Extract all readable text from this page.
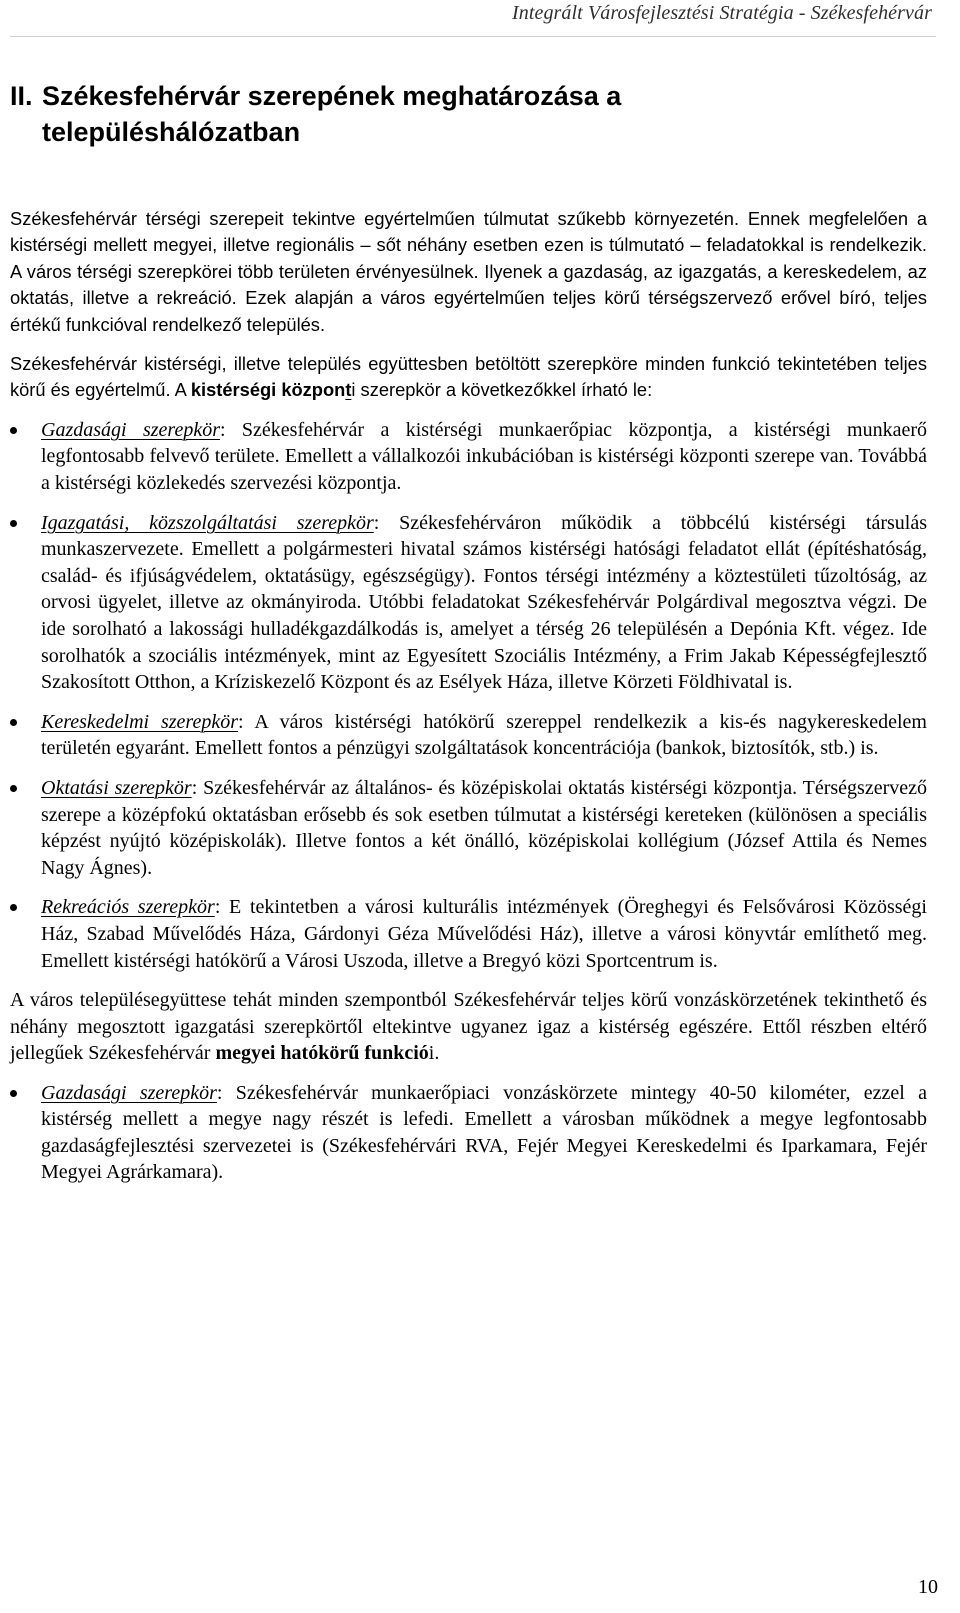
Integrált Városfejlesztési Stratégia - Székesfehérvár
II. Székesfehérvár szerepének meghatározása a
településhálózatban

Székesfehérvár térségi szerepeit tekintve egyértelműen túlmutat szűkebb környezetén. Ennek megfelelően a kistérségi mellett megyei, illetve regionális – sőt néhány esetben ezen is túlmutató – feladatokkal is rendelkezik. A város térségi szerepkörei több területen érvényesülnek. Ilyenek a gazdaság, az igazgatás, a kereskedelem, az oktatás, illetve a rekreáció. Ezek alapján a város egyértelműen teljes körű térségszervező erővel bíró, teljes értékű funkcióval rendelkező település.

Székesfehérvár kistérségi, illetve település együttesben betöltött szerepköre minden funkció tekintetében teljes körű és egyértelmű. A kistérségi központi szerepkör a következőkkel írható le:

Gazdasági szerepkör: Székesfehérvár a kistérségi munkaerőpiac központja, a kistérségi munkaerő legfontosabb felvevő területe. Emellett a vállalkozói inkubációban is kistérségi központi szerepe van. Továbbá a kistérségi közlekedés szervezési központja.
Igazgatási, közszolgáltatási szerepkör: Székesfehérváron működik a többcélú kistérségi társulás munkaszervezete. Emellett a polgármesteri hivatal számos kistérségi hatósági feladatot ellát (építéshatóság, család- és ifjúságvédelem, oktatásügy, egészségügy). Fontos térségi intézmény a köztestületi tűzoltóság, az orvosi ügyelet, illetve az okmányiroda. Utóbbi feladatokat Székesfehérvár Polgárdival megosztva végzi. De ide sorolható a lakossági hulladékgazdálkodás is, amelyet a térség 26 településén a Depónia Kft. végez. Ide sorolhatók a szociális intézmények, mint az Egyesített Szociális Intézmény, a Frim Jakab Képességfejlesztő Szakosított Otthon, a Kríziskezelő Központ és az Esélyek Háza, illetve Körzeti Földhivatal is.
Kereskedelmi szerepkör: A város kistérségi hatókörű szereppel rendelkezik a kis-és nagykereskedelem területén egyaránt. Emellett fontos a pénzügyi szolgáltatások koncentrációja (bankok, biztosítók, stb.) is.
Oktatási szerepkör: Székesfehérvár az általános- és középiskolai oktatás kistérségi központja. Térségszervező szerepe a középfokú oktatásban erősebb és sok esetben túlmutat a kistérségi kereteken (különösen a speciális képzést nyújtó középiskolák). Illetve fontos a két önálló, középiskolai kollégium (József Attila és Nemes Nagy Ágnes).
Rekreációs szerepkör: E tekintetben a városi kulturális intézmények (Öreghegyi és Felsővárosi Közösségi Ház, Szabad Művelődés Háza, Gárdonyi Géza Művelődési Ház), illetve a városi könyvtár említhető meg. Emellett kistérségi hatókörű a Városi Uszoda, illetve a Bregyó közi Sportcentrum is.

A város településegyüttese tehát minden szempontból Székesfehérvár teljes körű vonzáskörzetének tekinthető és néhány megosztott igazgatási szerepkörtől eltekintve ugyanez igaz a kistérség egészére. Ettől részben eltérő jellegűek Székesfehérvár megyei hatókörű funkciói.

Gazdasági szerepkör: Székesfehérvár munkaerőpiaci vonzáskörzete mintegy 40-50 kilométer, ezzel a kistérség mellett a megye nagy részét is lefedi. Emellett a városban működnek a megye legfontosabb gazdaságfejlesztési szervezetei is (Székesfehérvári RVA, Fejér Megyei Kereskedelmi és Iparkamara, Fejér Megyei Agrárkamara).
10
